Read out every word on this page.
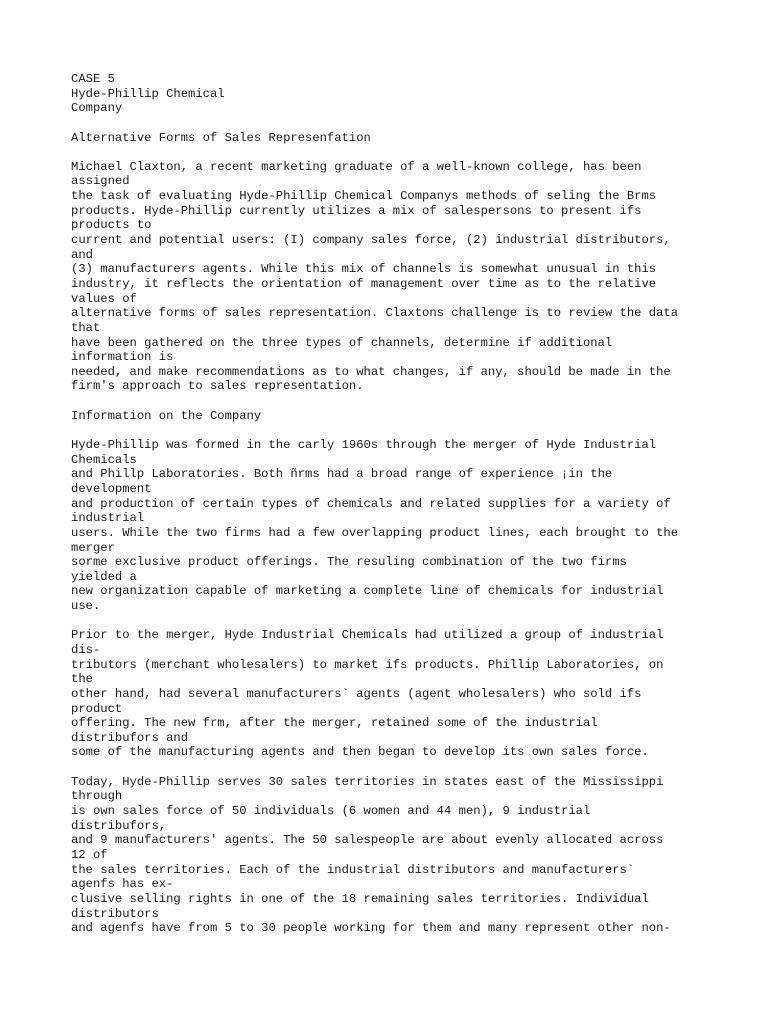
CASE 5
Hyde-Phillip Chemical
Company
Alternative Forms of Sales Represenfation
Michael Claxton, a recent marketing graduate of a well-known college, has been
assigned
the task of evaluating Hyde-Phillip Chemical Companys methods of seling the Brms
products. Hyde-Phillip currently utilizes a mix of salespersons to present ifs
products to
current and potential users: (I) company sales force, (2) industrial distributors,
and
(3) manufacturers agents. While this mix of channels is somewhat unusual in this
industry, it reflects the orientation of management over time as to the relative
values of
alternative forms of sales representation. Claxtons challenge is to review the data
that
have been gathered on the three types of channels, determine if additional
information is
needed, and make recommendations as to what changes, if any, should be made in the
firm's approach to sales representation.
Information on the Company
Hyde-Phillip was formed in the carly 1960s through the merger of Hyde Industrial
Chemicals
and Phillp Laboratories. Both ñrms had a broad range of experience ¡in the
development
and production of certain types of chemicals and related supplies for a variety of
industrial
users. While the two firms had a few overlapping product lines, each brought to the
merger
sorme exclusive product offerings. The resuling combination of the two firms
yielded a
new organization capable of marketing a complete line of chemicals for industrial
use.
Prior to the merger, Hyde Industrial Chemicals had utilized a group of industrial
dis-
tributors (merchant wholesalers) to market ifs products. Phillip Laboratories, on
the
other hand, had several manufacturers` agents (agent wholesalers) who sold ifs
product
offering. The new frm, after the merger, retained some of the industrial
distribufors and
some of the manufacturing agents and then began to develop its own sales force.
Today, Hyde-Phillip serves 30 sales territories in states east of the Mississippi
through
is own sales force of 50 individuals (6 women and 44 men), 9 industrial
distribufors,
and 9 manufacturers' agents. The 50 salespeople are about evenly allocated across
12 of
the sales territories. Each of the industrial distributors and manufacturers`
agenfs has ex-
clusive selling rights in one of the 18 remaining sales territories. Individual
distributors
and agenfs have from 5 to 30 people working for them and many represent other non-
